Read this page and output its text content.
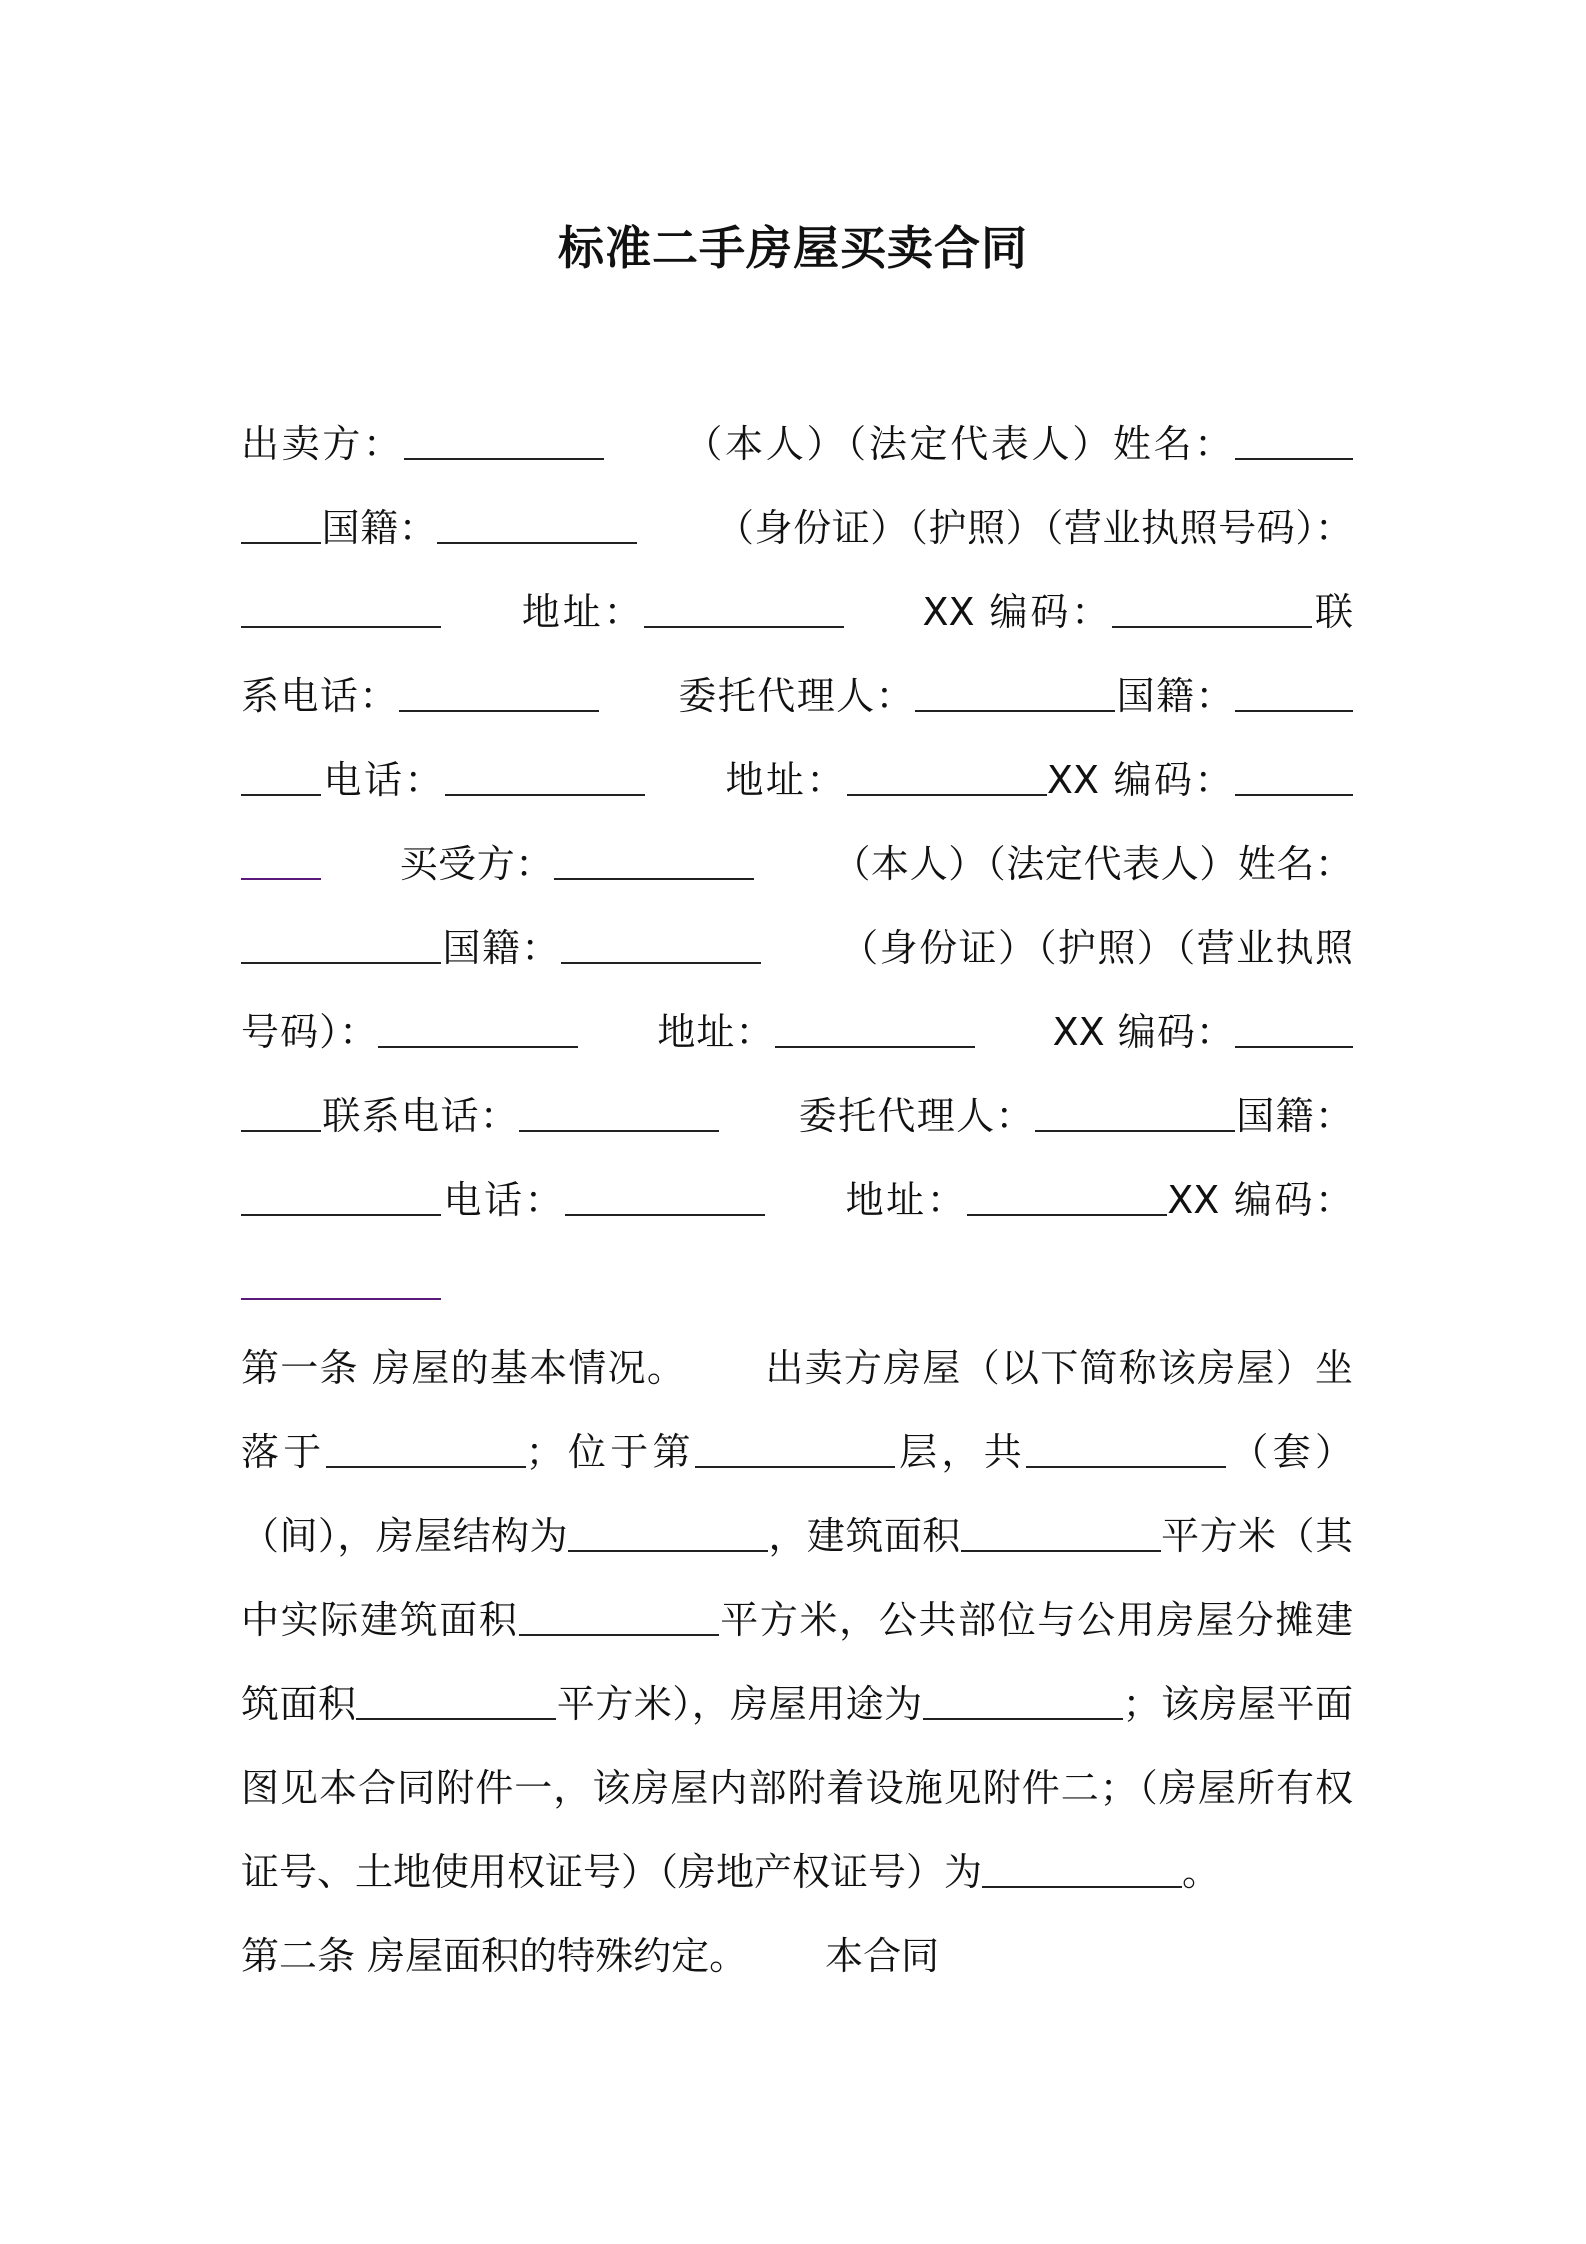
标准二手房屋买卖合同

出卖方：	（本人）（法定代表人）姓名：国籍：	（身份证）（护照）（营业执照号码）：地址：	XX 编码：	联系电话：	委托代理人：	国籍：电话：	地址：	XX 编码：买受方：	（本人）（法定代表人）姓名：国籍：	（身份证）（护照）（营业执照号码）：	地址：	XX 编码：联系电话：	委托代理人：	国籍：电话：	地址：	XX 编码：

第一条 房屋的基本情况。 出卖方房屋（以下简称该房屋）坐落于	；位于第	层，共	（套）（间），房屋结构为	，建筑面积	平方米（其中实际建筑面积	平方米，公共部位与公用房屋分摊建筑面积	平方米），房屋用途为	；该房屋平面图见本合同附件一，该房屋内部附着设施见附件二；（房屋所有权证号、土地使用权证号）（房地产权证号）为	。

第二条 房屋面积的特殊约定。 本合同
